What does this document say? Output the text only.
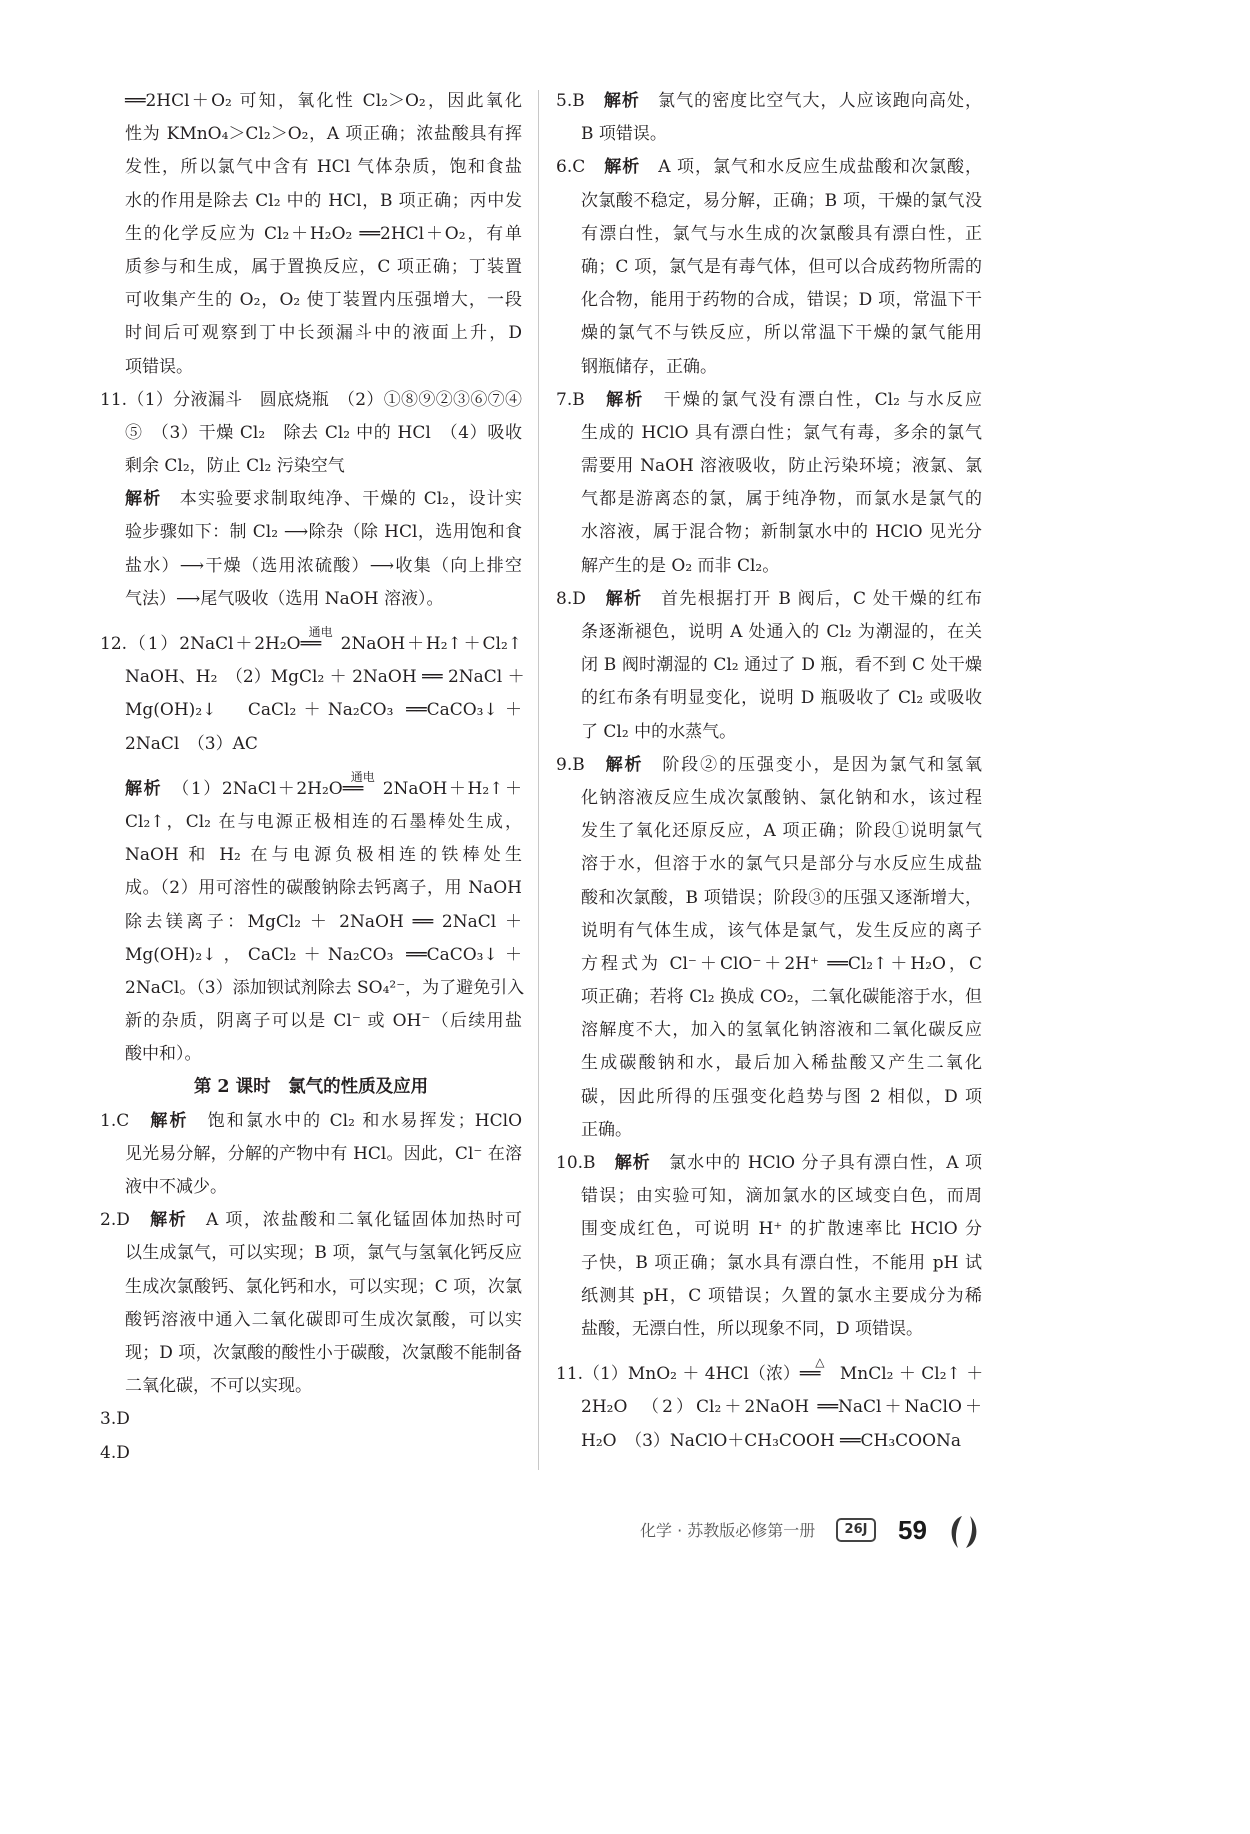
══2HCl＋O₂ 可知，氧化性 Cl₂＞O₂，因此氧化
性为 KMnO₄＞Cl₂＞O₂，A 项正确；浓盐酸具有挥
发性，所以氯气中含有 HCl 气体杂质，饱和食盐
水的作用是除去 Cl₂ 中的 HCl，B 项正确；丙中发
生的化学反应为 Cl₂＋H₂O₂ ══2HCl＋O₂，有单
质参与和生成，属于置换反应，C 项正确；丁装置
可收集产生的 O₂，O₂ 使丁装置内压强增大，一段
时间后可观察到丁中长颈漏斗中的液面上升，D
项错误。
11.（1）分液漏斗　圆底烧瓶　（2）①⑧⑨②③⑥⑦④
⑤　（3）干燥 Cl₂　除去 Cl₂ 中的 HCl　（4）吸收
剩余 Cl₂，防止 Cl₂ 污染空气
解析　本实验要求制取纯净、干燥的 Cl₂，设计实
验步骤如下：制 Cl₂ ⟶除杂（除 HCl，选用饱和食
盐水）⟶干燥（选用浓硫酸）⟶收集（向上排空
气法）⟶尾气吸收（选用 NaOH 溶液）。
12.（1）2NaCl＋2H₂O
通电
══ 2NaOH＋H₂↑＋Cl₂↑
NaOH、H₂　（2）MgCl₂ ＋ 2NaOH ══ 2NaCl ＋
Mg(OH)₂↓　CaCl₂＋Na₂CO₃ ══CaCO₃↓＋
2NaCl　（3）AC
解析　（1）2NaCl＋2H₂O
通电
══ 2NaOH＋H₂↑＋
Cl₂↑，Cl₂ 在与电源正极相连的石墨棒处生成，
NaOH 和 H₂ 在与电源负极相连的铁棒处生
成。（2）用可溶性的碳酸钠除去钙离子，用 NaOH
除去镁离子：MgCl₂ ＋ 2NaOH ══ 2NaCl ＋
Mg(OH)₂↓，CaCl₂＋Na₂CO₃ ══CaCO₃↓＋
2NaCl。（3）添加钡试剂除去 SO₄²⁻，为了避免引入
新的杂质，阴离子可以是 Cl⁻ 或 OH⁻（后续用盐
酸中和）。
第 2 课时　氯气的性质及应用
1.C　解析　饱和氯水中的 Cl₂ 和水易挥发；HClO
见光易分解，分解的产物中有 HCl。因此，Cl⁻ 在溶
液中不减少。
2.D　解析　A 项，浓盐酸和二氧化锰固体加热时可
以生成氯气，可以实现；B 项，氯气与氢氧化钙反应
生成次氯酸钙、氯化钙和水，可以实现；C 项，次氯
酸钙溶液中通入二氧化碳即可生成次氯酸，可以实
现；D 项，次氯酸的酸性小于碳酸，次氯酸不能制备
二氧化碳，不可以实现。
3.D
4.D
5.B　解析　氯气的密度比空气大，人应该跑向高处，
B 项错误。
6.C　解析　A 项，氯气和水反应生成盐酸和次氯酸，
次氯酸不稳定，易分解，正确；B 项，干燥的氯气没
有漂白性，氯气与水生成的次氯酸具有漂白性，正
确；C 项，氯气是有毒气体，但可以合成药物所需的
化合物，能用于药物的合成，错误；D 项，常温下干
燥的氯气不与铁反应，所以常温下干燥的氯气能用
钢瓶储存，正确。
7.B　解析　干燥的氯气没有漂白性，Cl₂ 与水反应
生成的 HClO 具有漂白性；氯气有毒，多余的氯气
需要用 NaOH 溶液吸收，防止污染环境；液氯、氯
气都是游离态的氯，属于纯净物，而氯水是氯气的
水溶液，属于混合物；新制氯水中的 HClO 见光分
解产生的是 O₂ 而非 Cl₂。
8.D　解析　首先根据打开 B 阀后，C 处干燥的红布
条逐渐褪色，说明 A 处通入的 Cl₂ 为潮湿的，在关
闭 B 阀时潮湿的 Cl₂ 通过了 D 瓶，看不到 C 处干燥
的红布条有明显变化，说明 D 瓶吸收了 Cl₂ 或吸收
了 Cl₂ 中的水蒸气。
9.B　解析　阶段②的压强变小，是因为氯气和氢氧
化钠溶液反应生成次氯酸钠、氯化钠和水，该过程
发生了氧化还原反应，A 项正确；阶段①说明氯气
溶于水，但溶于水的氯气只是部分与水反应生成盐
酸和次氯酸，B 项错误；阶段③的压强又逐渐增大，
说明有气体生成，该气体是氯气，发生反应的离子
方程式为 Cl⁻＋ClO⁻＋2H⁺ ══Cl₂↑＋H₂O，C
项正确；若将 Cl₂ 换成 CO₂，二氧化碳能溶于水，但
溶解度不大，加入的氢氧化钠溶液和二氧化碳反应
生成碳酸钠和水，最后加入稀盐酸又产生二氧化
碳，因此所得的压强变化趋势与图 2 相似，D 项
正确。
10.B　解析　氯水中的 HClO 分子具有漂白性，A 项
错误；由实验可知，滴加氯水的区域变白色，而周
围变成红色，可说明 H⁺ 的扩散速率比 HClO 分
子快，B 项正确；氯水具有漂白性，不能用 pH 试
纸测其 pH，C 项错误；久置的氯水主要成分为稀
盐酸，无漂白性，所以现象不同，D 项错误。
11.（1）MnO₂ ＋ 4HCl（浓）
△
══ MnCl₂ ＋ Cl₂↑ ＋
2H₂O　（2）Cl₂＋2NaOH ══NaCl＋NaClO＋
H₂O　（3）NaClO＋CH₃COOH ══CH₃COONa
化学 · 苏教版必修第一册	26J	59
